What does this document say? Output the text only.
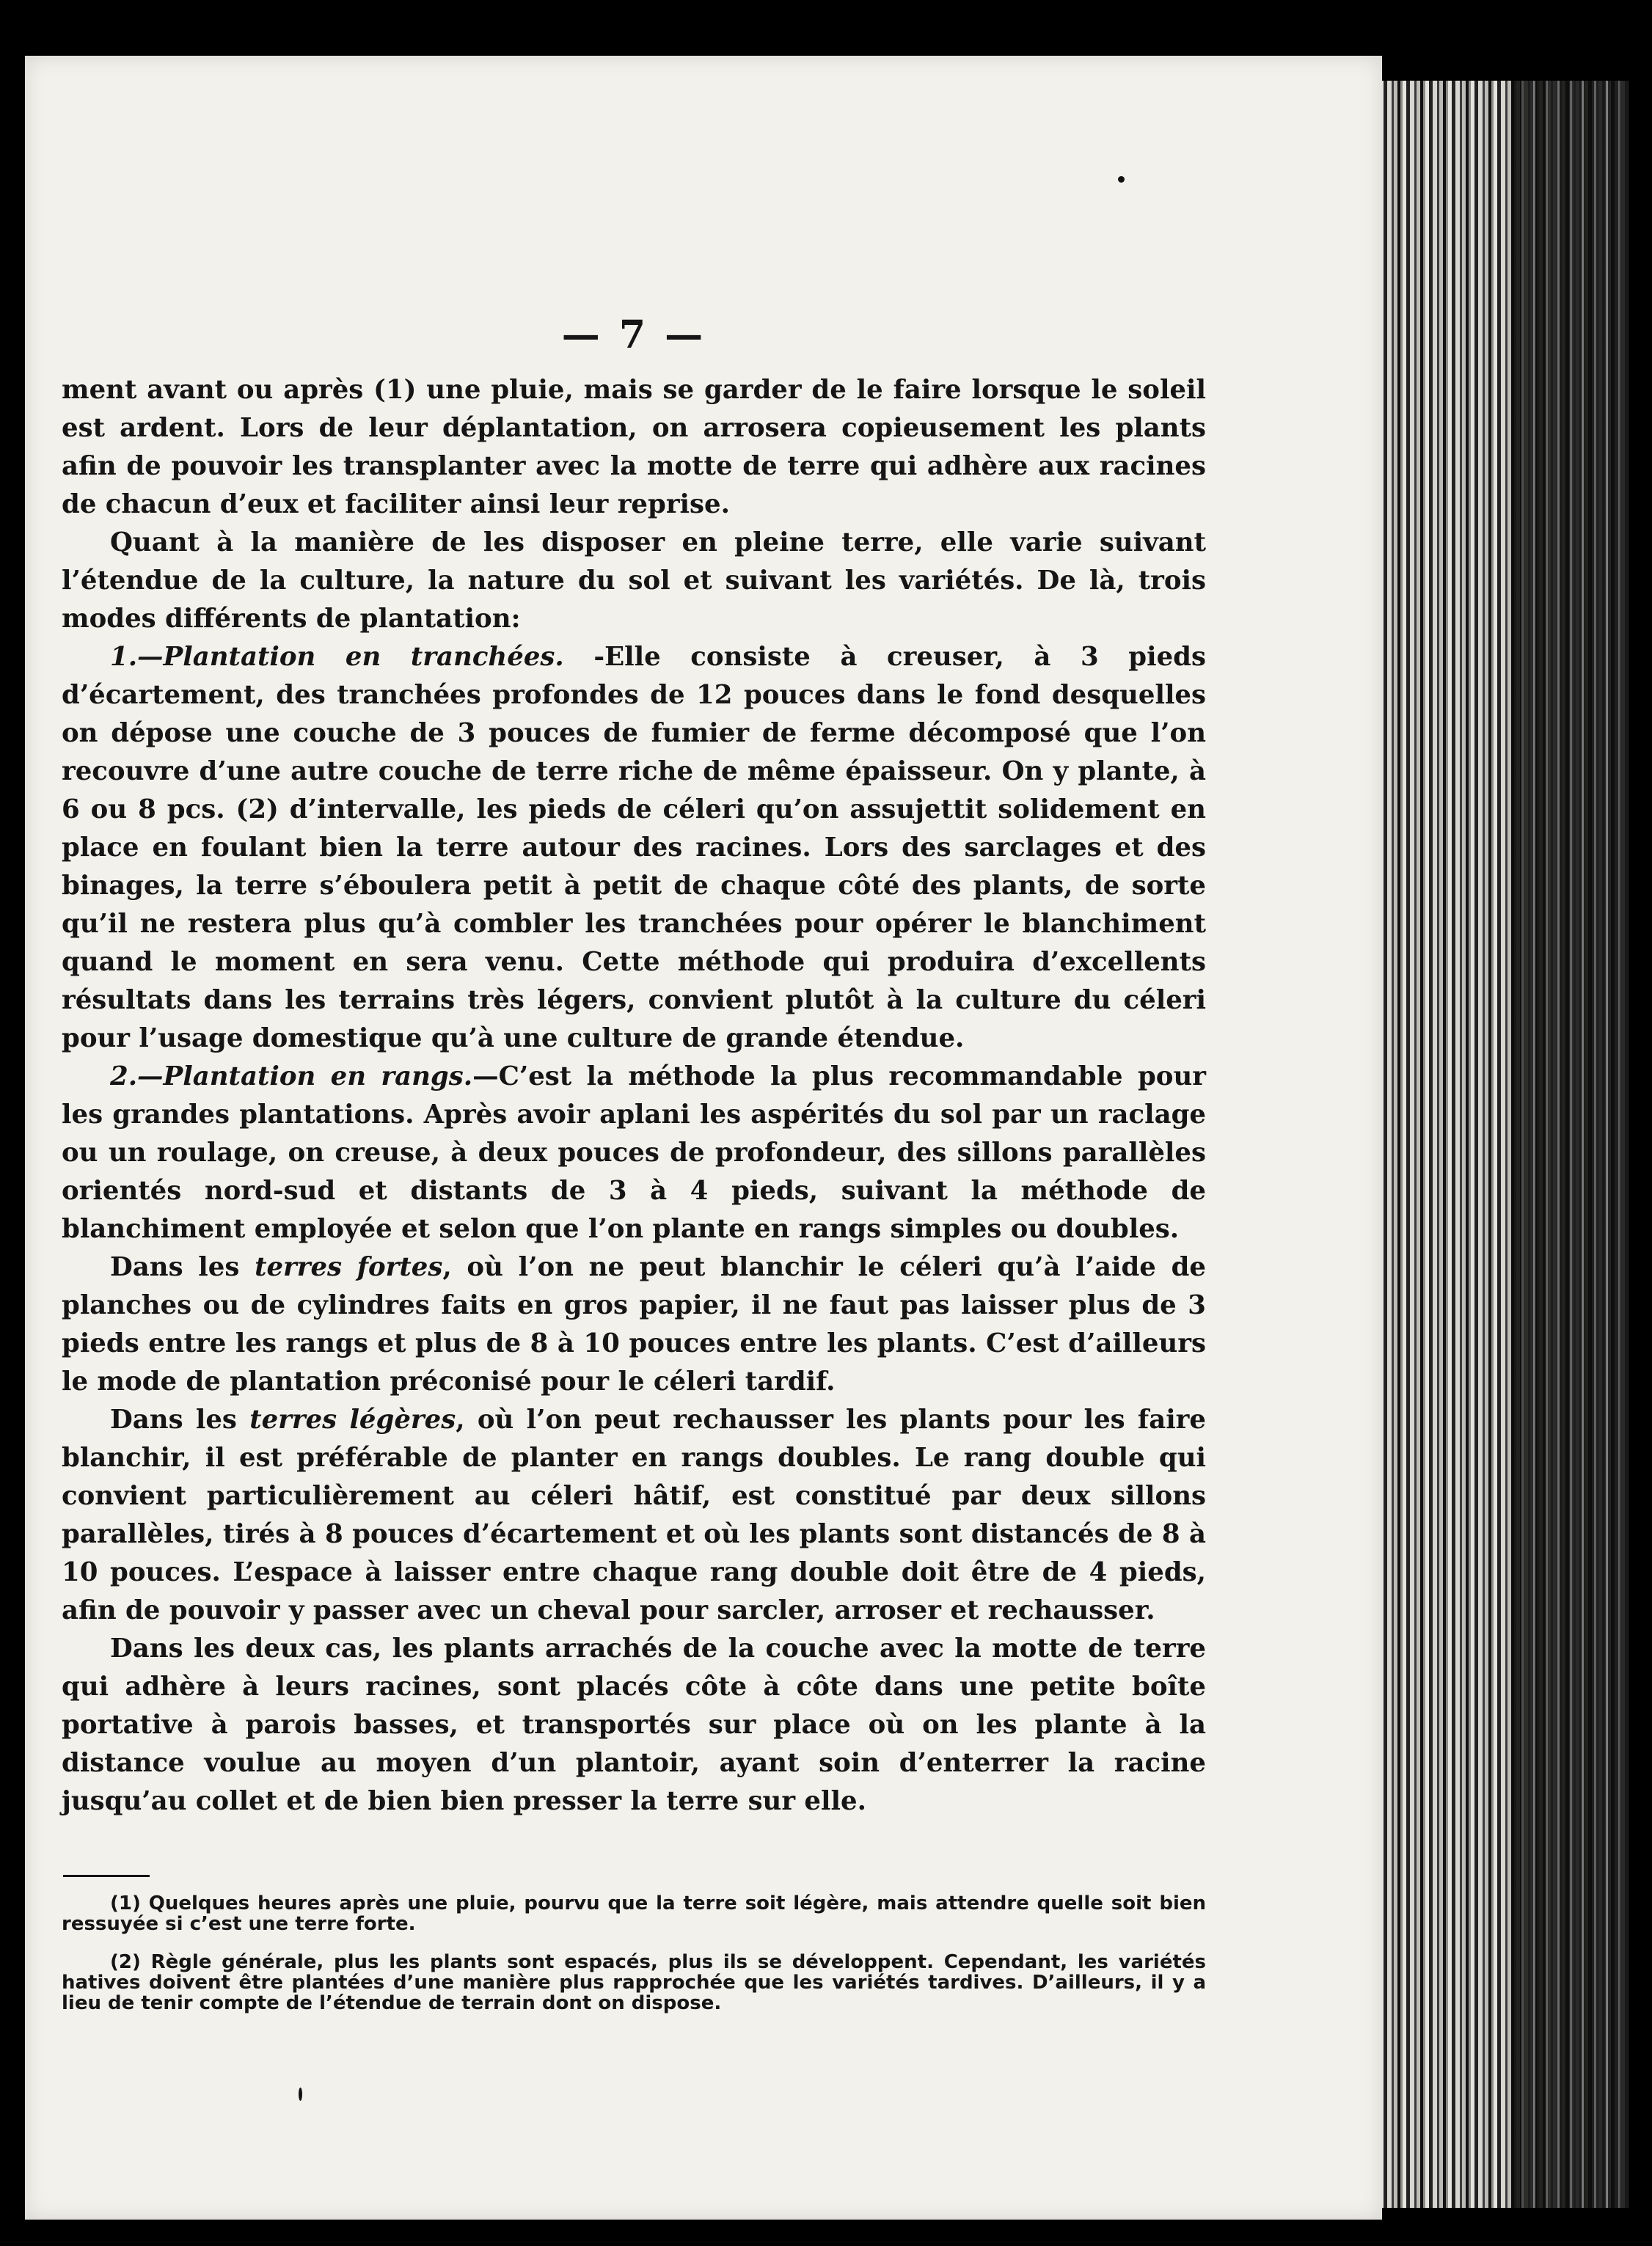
— 7 —

ment avant ou après (1) une pluie, mais se garder de le faire lorsque le soleil est ardent. Lors de leur déplantation, on arrosera copieusement les plants afin de pouvoir les transplanter avec la motte de terre qui adhère aux racines de chacun d’eux et faciliter ainsi leur reprise.

Quant à la manière de les disposer en pleine terre, elle varie suivant l’étendue de la culture, la nature du sol et suivant les variétés. De là, trois modes différents de plantation:

1.—Plantation en tranchées. -Elle consiste à creuser, à 3 pieds d’écartement, des tranchées profondes de 12 pouces dans le fond desquelles on dépose une couche de 3 pouces de fumier de ferme décomposé que l’on recouvre d’une autre couche de terre riche de même épaisseur. On y plante, à 6 ou 8 pcs. (2) d’intervalle, les pieds de céleri qu’on assujettit solidement en place en foulant bien la terre autour des racines. Lors des sarclages et des binages, la terre s’éboulera petit à petit de chaque côté des plants, de sorte qu’il ne restera plus qu’à combler les tranchées pour opérer le blanchiment quand le moment en sera venu. Cette méthode qui produira d’excellents résultats dans les terrains très légers, convient plutôt à la culture du céleri pour l’usage domestique qu’à une culture de grande étendue.

2.—Plantation en rangs.—C’est la méthode la plus recommandable pour les grandes plantations. Après avoir aplani les aspérités du sol par un raclage ou un roulage, on creuse, à deux pouces de profondeur, des sillons parallèles orientés nord-sud et distants de 3 à 4 pieds, suivant la méthode de blanchiment employée et selon que l’on plante en rangs simples ou doubles.

Dans les terres fortes, où l’on ne peut blanchir le céleri qu’à l’aide de planches ou de cylindres faits en gros papier, il ne faut pas laisser plus de 3 pieds entre les rangs et plus de 8 à 10 pouces entre les plants. C’est d’ailleurs le mode de plantation préconisé pour le céleri tardif.

Dans les terres légères, où l’on peut rechausser les plants pour les faire blanchir, il est préférable de planter en rangs doubles. Le rang double qui convient particulièrement au céleri hâtif, est constitué par deux sillons parallèles, tirés à 8 pouces d’écartement et où les plants sont distancés de 8 à 10 pouces. L’espace à laisser entre chaque rang double doit être de 4 pieds, afin de pouvoir y passer avec un cheval pour sarcler, arroser et rechausser.

Dans les deux cas, les plants arrachés de la couche avec la motte de terre qui adhère à leurs racines, sont placés côte à côte dans une petite boîte portative à parois basses, et transportés sur place où on les plante à la distance voulue au moyen d’un plantoir, ayant soin d’enterrer la racine jusqu’au collet et de bien bien presser la terre sur elle.

(1) Quelques heures après une pluie, pourvu que la terre soit légère, mais attendre quelle soit bien ressuyée si c’est une terre forte.

(2) Règle générale, plus les plants sont espacés, plus ils se développent. Cependant, les variétés hatives doivent être plantées d’une manière plus rapprochée que les variétés tardives. D’ailleurs, il y a lieu de tenir compte de l’étendue de terrain dont on dispose.
